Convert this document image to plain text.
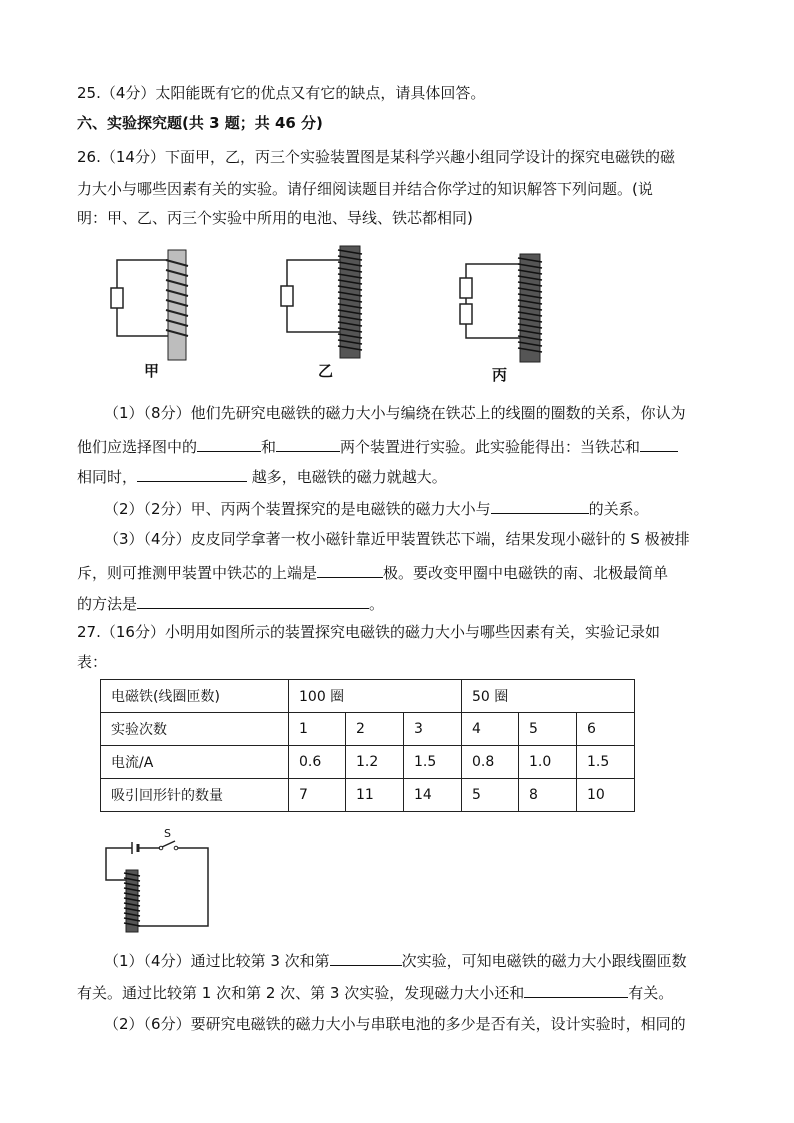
25.（4分）太阳能既有它的优点又有它的缺点，请具体回答。
六、实验探究题(共 3 题；共 46 分)
26.（14分）下面甲，乙，丙三个实验装置图是某科学兴趣小组同学设计的探究电磁铁的磁
力大小与哪些因素有关的实验。请仔细阅读题目并结合你学过的知识解答下列问题。(说
明：甲、乙、丙三个实验中所用的电池、导线、铁芯都相同)
甲	乙	丙
（1）（8分）他们先研究电磁铁的磁力大小与编绕在铁芯上的线圈的圈数的关系，你认为
他们应选择图中的	和	两个装置进行实验。此实验能得出：当铁芯和
相同时，	越多，电磁铁的磁力就越大。
（2）（2分）甲、丙两个装置探究的是电磁铁的磁力大小与	的关系。
（3）（4分）皮皮同学拿著一枚小磁针靠近甲装置铁芯下端，结果发现小磁针的 S 极被排
斥，则可推测甲装置中铁芯的上端是	极。要改变甲圈中电磁铁的南、北极最简单
的方法是	。
27.（16分）小明用如图所示的装置探究电磁铁的磁力大小与哪些因素有关，实验记录如
表：
电磁铁(线圈匝数)	100 圈			50 圈		
实验次数	1	2	3	4	5	6
电流/A	0.6	1.2	1.5	0.8	1.0	1.5
吸引回形针的数量	7	11	14	5	8	10
S
（1）（4分）通过比较第 3 次和第	次实验，可知电磁铁的磁力大小跟线圈匝数
有关。通过比较第 1 次和第 2 次、第 3 次实验，发现磁力大小还和	有关。
（2）（6分）要研究电磁铁的磁力大小与串联电池的多少是否有关，设计实验时，相同的
